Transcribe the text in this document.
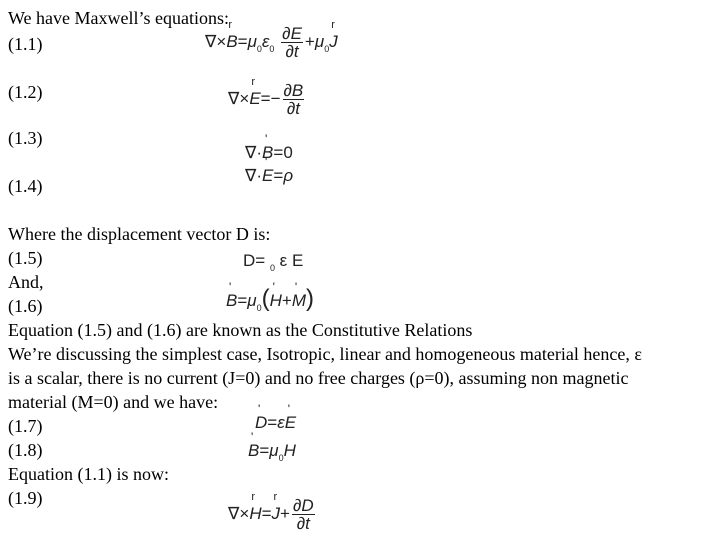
We have Maxwell’s equations:
(1.1)	∇×r $B=\mu_0\varepsilon_0 \frac{\partial E}{\partial t} +\mu_0r$ J
(1.2)	∇×r $E=- \frac{\partial B}{\partial t}$
(1.3)
∇·' B=0
(1.4)
∇·' E=ρ
Where the displacement vector D is:
(1.5)	D= $_0$ ε E
And,
(1.6)	' $B=\mu_0('$ H+' M)
Equation (1.5) and (1.6) are known as the Constitutive Relations
We’re discussing the simplest case, Isotropic, linear and homogeneous material hence, ε
is a scalar, there is no current (J=0) and no free charges (ρ=0), assuming non magnetic
material (M=0) and we have:
(1.7)	' D=ε' E
(1.8)	' $B=\mu_0H$
Equation (1.1) is now:
(1.9)
∇×r H=r $J+ \frac{\partial D}{\partial t}$
